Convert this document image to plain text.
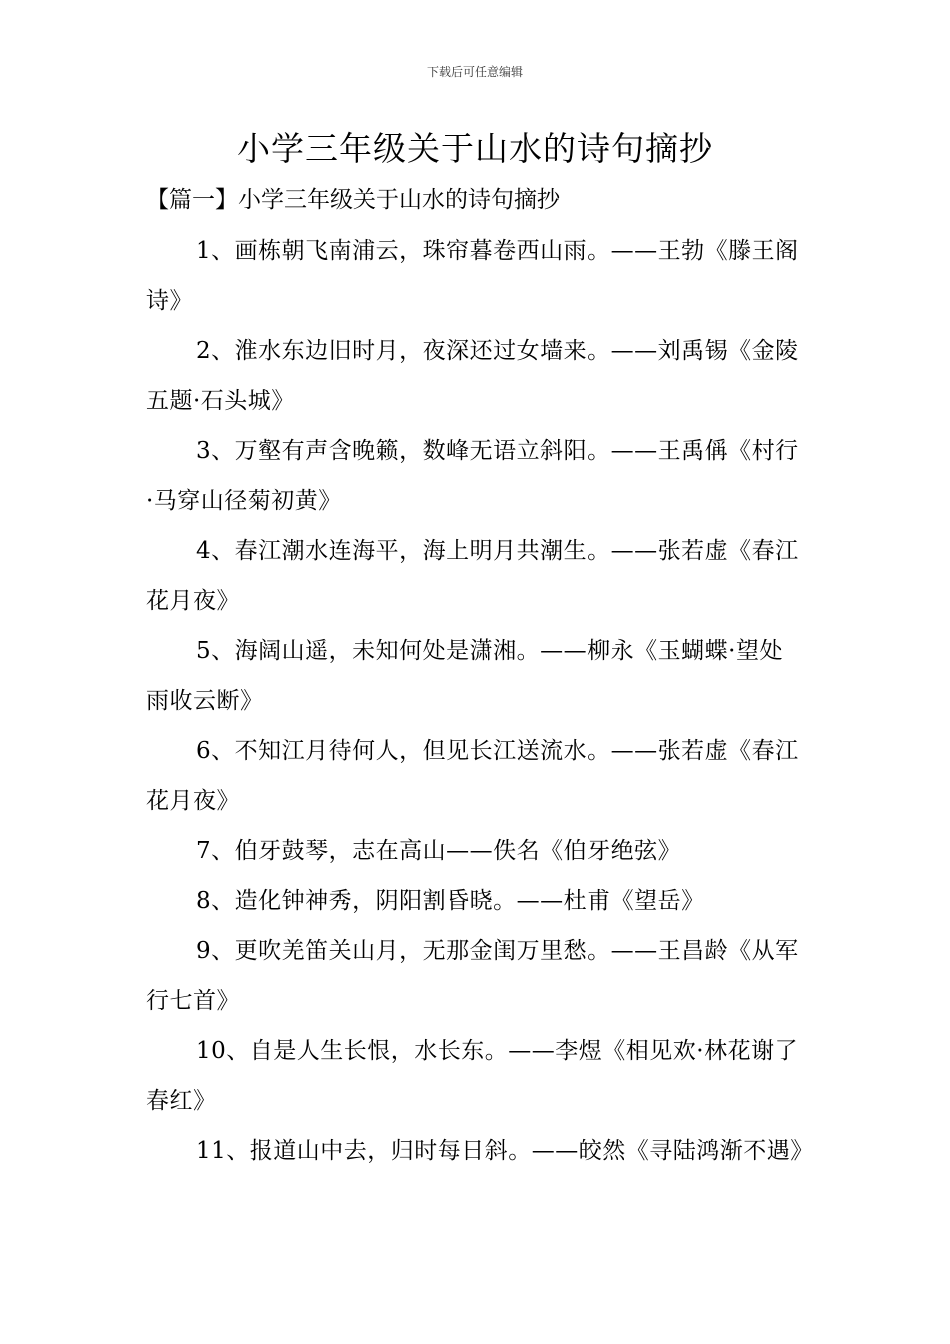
下载后可任意编辑
小学三年级关于山水的诗句摘抄
【篇一】小学三年级关于山水的诗句摘抄
1、画栋朝飞南浦云，珠帘暮卷西山雨。——王勃《滕王阁诗》
2、淮水东边旧时月，夜深还过女墙来。——刘禹锡《金陵五题·石头城》
3、万壑有声含晚籁，数峰无语立斜阳。——王禹偁《村行·马穿山径菊初黄》
4、春江潮水连海平，海上明月共潮生。——张若虚《春江花月夜》
5、海阔山遥，未知何处是潇湘。——柳永《玉蝴蝶·望处雨收云断》
6、不知江月待何人，但见长江送流水。——张若虚《春江花月夜》
7、伯牙鼓琴，志在高山——佚名《伯牙绝弦》
8、造化钟神秀，阴阳割昏晓。——杜甫《望岳》
9、更吹羌笛关山月，无那金闺万里愁。——王昌龄《从军行七首》
10、自是人生长恨，水长东。——李煜《相见欢·林花谢了春红》
11、报道山中去，归时每日斜。——皎然《寻陆鸿渐不遇》
